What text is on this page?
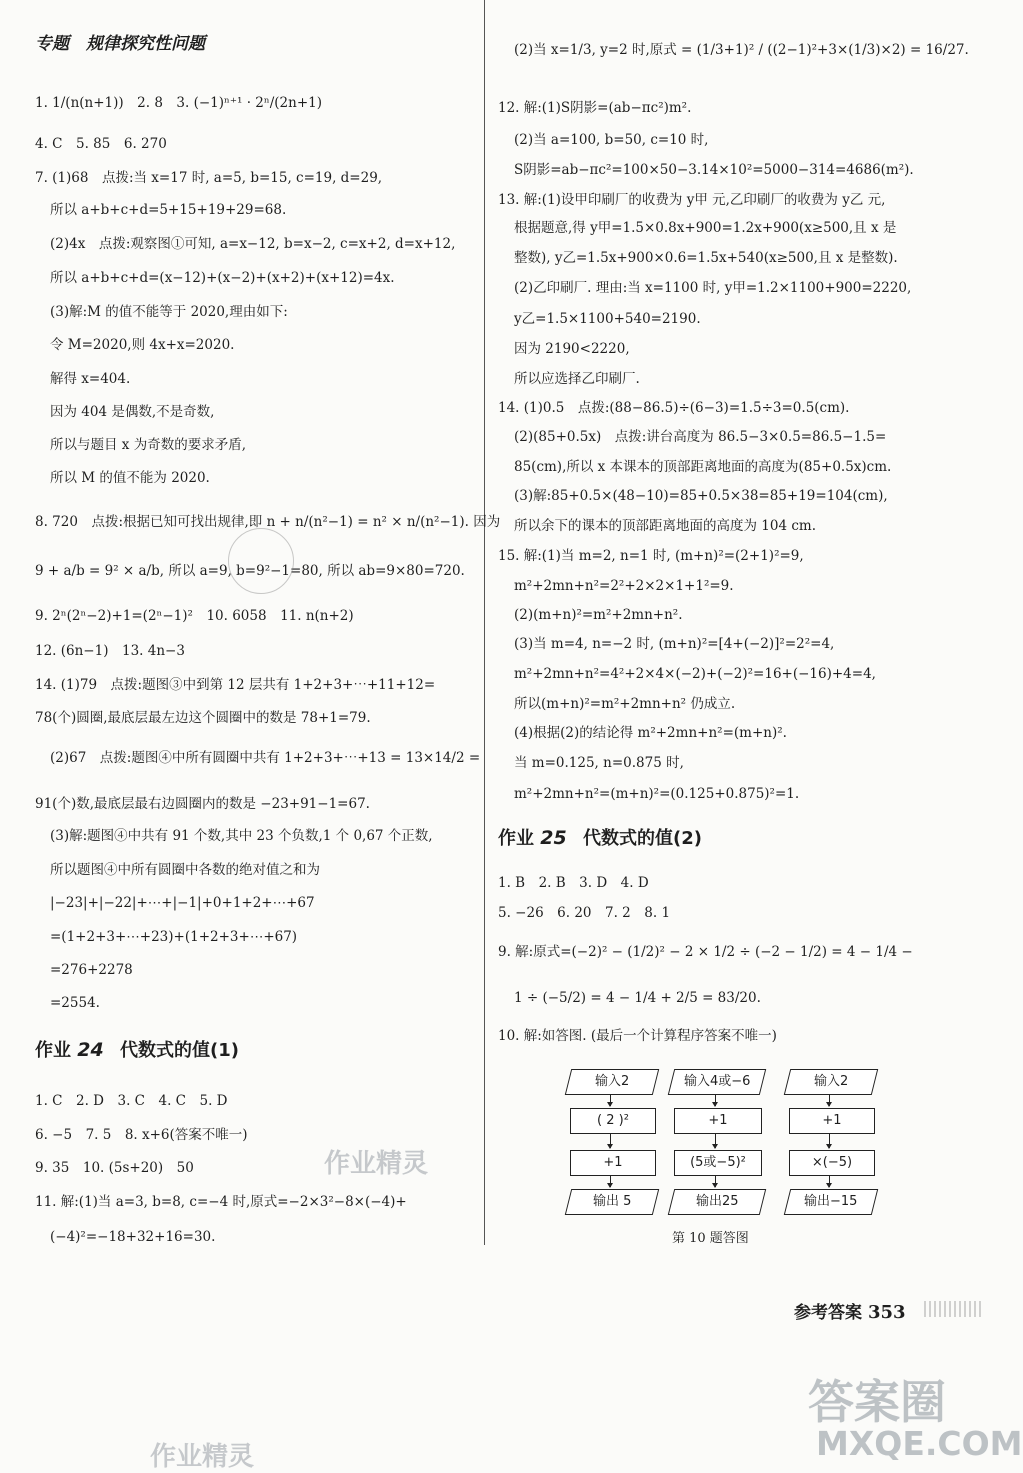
专题　规律探究性问题
1. 1/(n(n+1))　2. 8　3. (−1)ⁿ⁺¹ · 2ⁿ/(2n+1)
4. C　5. 85　6. 270
7. (1)68　点拨:当 x=17 时, a=5, b=15, c=19, d=29,
所以 a+b+c+d=5+15+19+29=68.
(2)4x　点拨:观察图①可知, a=x−12, b=x−2, c=x+2, d=x+12,
所以 a+b+c+d=(x−12)+(x−2)+(x+2)+(x+12)=4x.
(3)解:M 的值不能等于 2020,理由如下:
令 M=2020,则 4x+x=2020.
解得 x=404.
因为 404 是偶数,不是奇数,
所以与题目 x 为奇数的要求矛盾,
所以 M 的值不能为 2020.
8. 720　点拨:根据已知可找出规律,即 n + n/(n²−1) = n² × n/(n²−1). 因为
9 + a/b = 9² × a/b, 所以 a=9, b=9²−1=80, 所以 ab=9×80=720.
9. 2ⁿ(2ⁿ−2)+1=(2ⁿ−1)²　10. 6058　11. n(n+2)
12. (6n−1)　13. 4n−3
14. (1)79　点拨:题图③中到第 12 层共有 1+2+3+⋯+11+12=
78(个)圆圈,最底层最左边这个圆圈中的数是 78+1=79.
(2)67　点拨:题图④中所有圆圈中共有 1+2+3+⋯+13 = 13×14/2 =
91(个)数,最底层最右边圆圈内的数是 −23+91−1=67.
(3)解:题图④中共有 91 个数,其中 23 个负数,1 个 0,67 个正数,
所以题图④中所有圆圈中各数的绝对值之和为
|−23|+|−22|+⋯+|−1|+0+1+2+⋯+67
=(1+2+3+⋯+23)+(1+2+3+⋯+67)
=276+2278
=2554.
作业 24 代数式的值(1)
1. C　2. D　3. C　4. C　5. D
6. −5　7. 5　8. x+6(答案不唯一)
9. 35　10. (5s+20)　50
11. 解:(1)当 a=3, b=8, c=−4 时,原式=−2×3²−8×(−4)+
(−4)²=−18+32+16=30.
(2)当 x=1/3, y=2 时,原式 = (1/3+1)² / ((2−1)²+3×(1/3)×2) = 16/27.
12. 解:(1)S阴影=(ab−πc²)m².
(2)当 a=100, b=50, c=10 时,
S阴影=ab−πc²=100×50−3.14×10²=5000−314=4686(m²).
13. 解:(1)设甲印刷厂的收费为 y甲 元,乙印刷厂的收费为 y乙 元,
根据题意,得 y甲=1.5×0.8x+900=1.2x+900(x≥500,且 x 是
整数), y乙=1.5x+900×0.6=1.5x+540(x≥500,且 x 是整数).
(2)乙印刷厂. 理由:当 x=1100 时, y甲=1.2×1100+900=2220,
y乙=1.5×1100+540=2190.
因为 2190<2220,
所以应选择乙印刷厂.
14. (1)0.5　点拨:(88−86.5)÷(6−3)=1.5÷3=0.5(cm).
(2)(85+0.5x)　点拨:讲台高度为 86.5−3×0.5=86.5−1.5=
85(cm),所以 x 本课本的顶部距离地面的高度为(85+0.5x)cm.
(3)解:85+0.5×(48−10)=85+0.5×38=85+19=104(cm),
所以余下的课本的顶部距离地面的高度为 104 cm.
15. 解:(1)当 m=2, n=1 时, (m+n)²=(2+1)²=9,
m²+2mn+n²=2²+2×2×1+1²=9.
(2)(m+n)²=m²+2mn+n².
(3)当 m=4, n=−2 时, (m+n)²=[4+(−2)]²=2²=4,
m²+2mn+n²=4²+2×4×(−2)+(−2)²=16+(−16)+4=4,
所以(m+n)²=m²+2mn+n² 仍成立.
(4)根据(2)的结论得 m²+2mn+n²=(m+n)².
当 m=0.125, n=0.875 时,
m²+2mn+n²=(m+n)²=(0.125+0.875)²=1.
作业 25 代数式的值(2)
1. B　2. B　3. D　4. D
5. −26　6. 20　7. 2　8. 1
9. 解:原式=(−2)² − (1/2)² − 2 × 1/2 ÷ (−2 − 1/2) = 4 − 1/4 −
1 ÷ (−5/2) = 4 − 1/4 + 2/5 = 83/20.
10. 解:如答图. (最后一个计算程序答案不唯一)
输入2
( 2 )²
+1
输出 5
输入4或−6
+1
(5或−5)²
输出25
输入2
+1
×(−5)
输出−15
第 10 题答图
参考答案 353
作业精灵
作业精灵
答案圈
MXQE.COM
